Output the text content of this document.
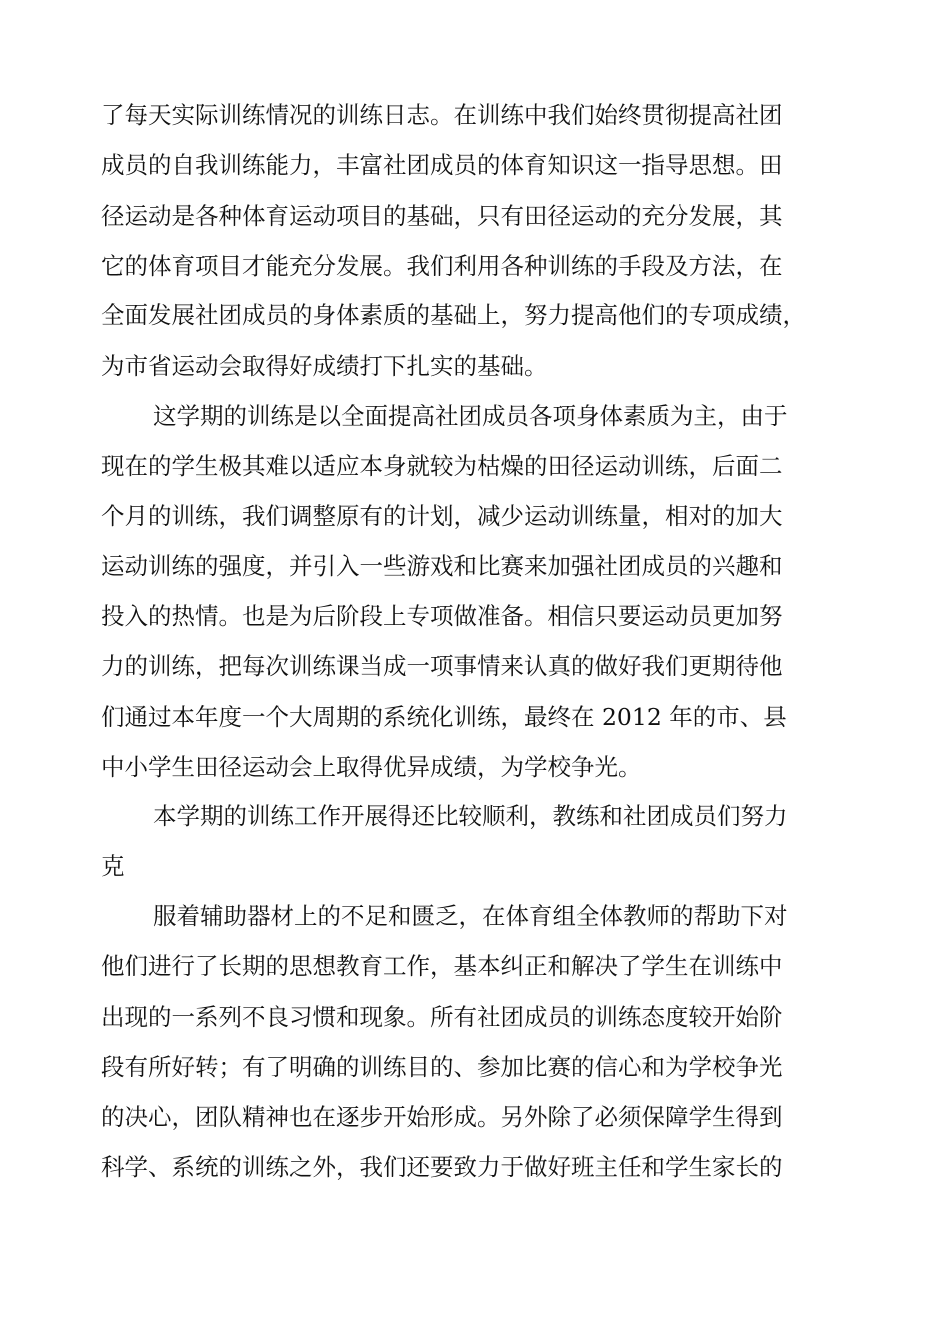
了每天实际训练情况的训练日志。在训练中我们始终贯彻提高社团
成员的自我训练能力，丰富社团成员的体育知识这一指导思想。田
径运动是各种体育运动项目的基础，只有田径运动的充分发展，其
它的体育项目才能充分发展。我们利用各种训练的手段及方法，在
全面发展社团成员的身体素质的基础上，努力提高他们的专项成绩，
为市省运动会取得好成绩打下扎实的基础。
这学期的训练是以全面提高社团成员各项身体素质为主，由于
现在的学生极其难以适应本身就较为枯燥的田径运动训练，后面二
个月的训练，我们调整原有的计划，减少运动训练量，相对的加大
运动训练的强度，并引入一些游戏和比赛来加强社团成员的兴趣和
投入的热情。也是为后阶段上专项做准备。相信只要运动员更加努
力的训练，把每次训练课当成一项事情来认真的做好我们更期待他
们通过本年度一个大周期的系统化训练，最终在 2012 年的市、县
中小学生田径运动会上取得优异成绩，为学校争光。
本学期的训练工作开展得还比较顺利，教练和社团成员们努力
克
服着辅助器材上的不足和匮乏，在体育组全体教师的帮助下对
他们进行了长期的思想教育工作，基本纠正和解决了学生在训练中
出现的一系列不良习惯和现象。所有社团成员的训练态度较开始阶
段有所好转；有了明确的训练目的、参加比赛的信心和为学校争光
的决心，团队精神也在逐步开始形成。另外除了必须保障学生得到
科学、系统的训练之外，我们还要致力于做好班主任和学生家长的
